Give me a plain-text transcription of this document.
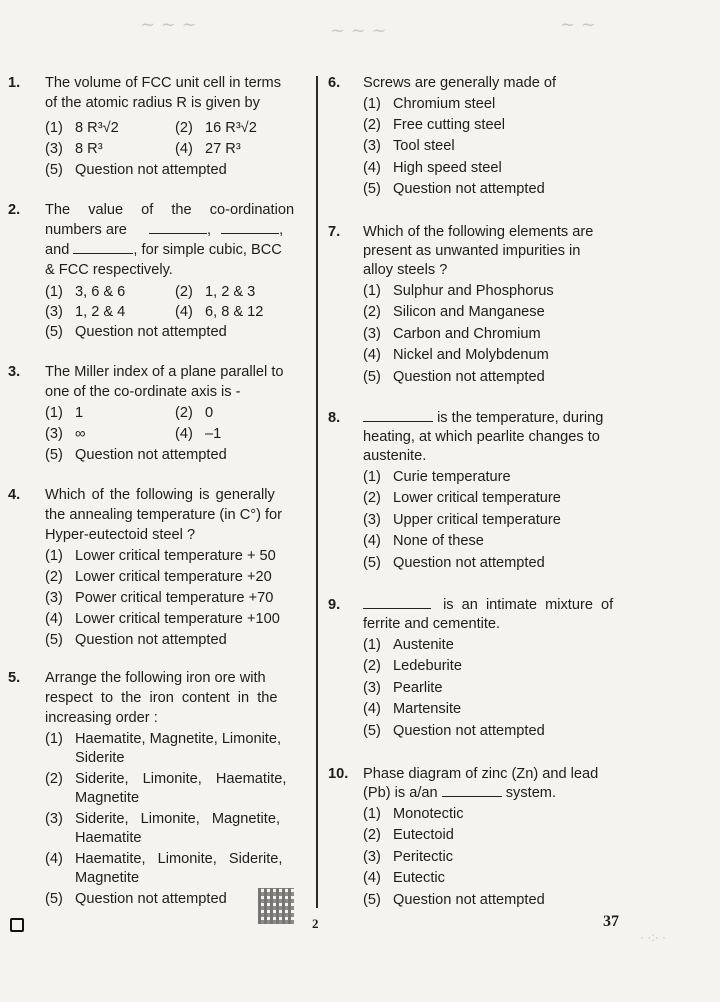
~ ~ ~	~ ~ ~	~ ~
1. The volume of FCC unit cell in terms
of the atomic radius R is given by
(1) 8 R³√2	(2) 16 R³√2
(3) 8 R³	(4) 27 R³
(5) Question not attempted
2. The value of the co-ordination
numbers are	,	,
and	, for simple cubic, BCC
& FCC respectively.
(1) 3, 6 & 6	(2) 1, 2 & 3
(3) 1, 2 & 4	(4) 6, 8 & 12
(5) Question not attempted
3. The Miller index of a plane parallel to
one of the co-ordinate axis is -
(1) 1	(2) 0
(3) ∞	(4) –1
(5) Question not attempted
4. Which of the following is generally
the annealing temperature (in C°) for
Hyper-eutectoid steel ?
(1) Lower critical temperature + 50
(2) Lower critical temperature +20
(3) Power critical temperature +70
(4) Lower critical temperature +100
(5) Question not attempted
5. Arrange the following iron ore with
respect to the iron content in the
increasing order :
(1) Haematite, Magnetite, Limonite,
Siderite
(2) Siderite, Limonite, Haematite,
Magnetite
(3) Siderite, Limonite, Magnetite,
Haematite
(4) Haematite, Limonite, Siderite,
Magnetite
(5) Question not attempted
6. Screws are generally made of
(1) Chromium steel
(2) Free cutting steel
(3) Tool steel
(4) High speed steel
(5) Question not attempted
7. Which of the following elements are
present as unwanted impurities in
alloy steels ?
(1) Sulphur and Phosphorus
(2) Silicon and Manganese
(3) Carbon and Chromium
(4) Nickel and Molybdenum
(5) Question not attempted
8.	is the temperature, during
heating, at which pearlite changes to
austenite.
(1) Curie temperature
(2) Lower critical temperature
(3) Upper critical temperature
(4) None of these
(5) Question not attempted
9.	is an intimate mixture of
ferrite and cementite.
(1) Austenite
(2) Ledeburite
(3) Pearlite
(4) Martensite
(5) Question not attempted
10. Phase diagram of zinc (Zn) and lead
(Pb) is a/an	system.
(1) Monotectic
(2) Eutectoid
(3) Peritectic
(4) Eutectic
(5) Question not attempted
2	37
· ·:· ·
